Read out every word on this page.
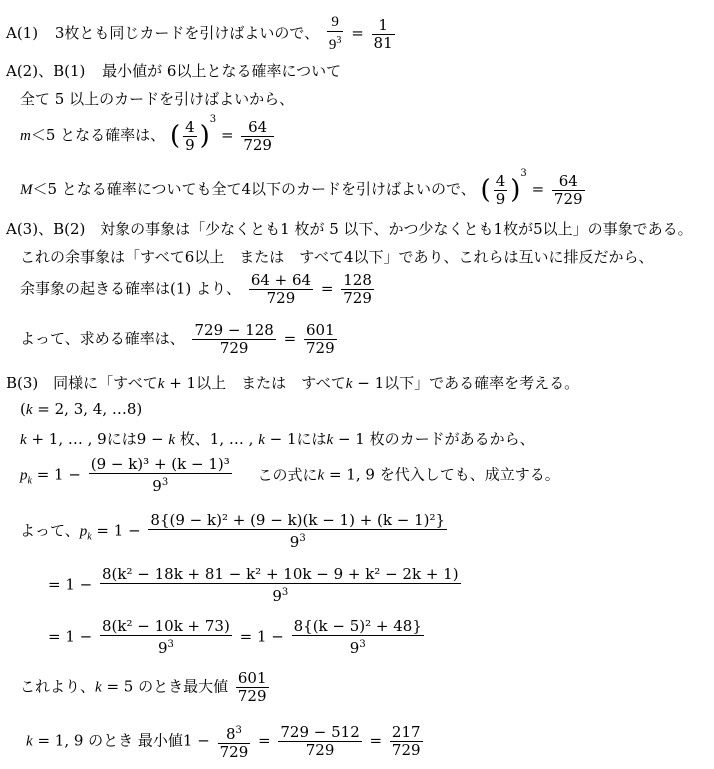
A(1) 3枚とも同じカードを引けばよいので、 $\frac{9}{9^3} = \frac{1}{81}$
A(2)、B(1) 最小値が 6以上となる確率について
全て 5 以上のカードを引けばよいから、
m＜5 となる確率は、 ( $\frac{4}{9} )^3 = \frac{64}{729}$
M＜5 となる確率についても全て4以下のカードを引けばよいので、 ( $\frac{4}{9} )^3 = \frac{64}{729}$
A(3)、B(2) 対象の事象は「少なくとも1 枚が 5 以下、かつ少なくとも1枚が5以上」の事象である。
これの余事象は「すべて6以上　または　すべて4以下」であり、これらは互いに排反だから、
余事象の起きる確率は(1) より、 $\frac{64 + 64}{729} = \frac{128}{729}$
よって、求める確率は、 $\frac{729 - 128}{729} = \frac{601}{729}$
B(3) 同様に「すべてk + 1以上　または　すべてk − 1以下」である確率を考える。
(k = 2, 3, 4, …8)
k + 1, … , 9には9 − k 枚、1, … , k − 1にはk − 1 枚のカードがあるから、
$p_k = 1 - \frac{\text{(9 − k)³ + (k − 1)³}}{9^3}$ この式にk = 1, 9 を代入しても、成立する。
よって、$p_k = 1 - \frac{\text{8\{(9 − k)² + (9 − k)(k − 1) + (k − 1)²\}}}{9^3}$
= $1 - \frac{\text{8(k² − 18k + 81 − k² + 10k − 9 + k² − 2k + 1)}}{9^3}$
= $1 - \frac{\text{8(k² − 10k + 73)}}{9^3} = 1 - \frac{\text{8\{(k − 5)² + 48\}}}{9^3}$
これより、k = 5 のとき最大値 $\frac{601}{729}$
k = 1, 9 のとき 最小値$1 - \frac{8^3}{729} = \frac{729 - 512}{729} = \frac{217}{729}$
